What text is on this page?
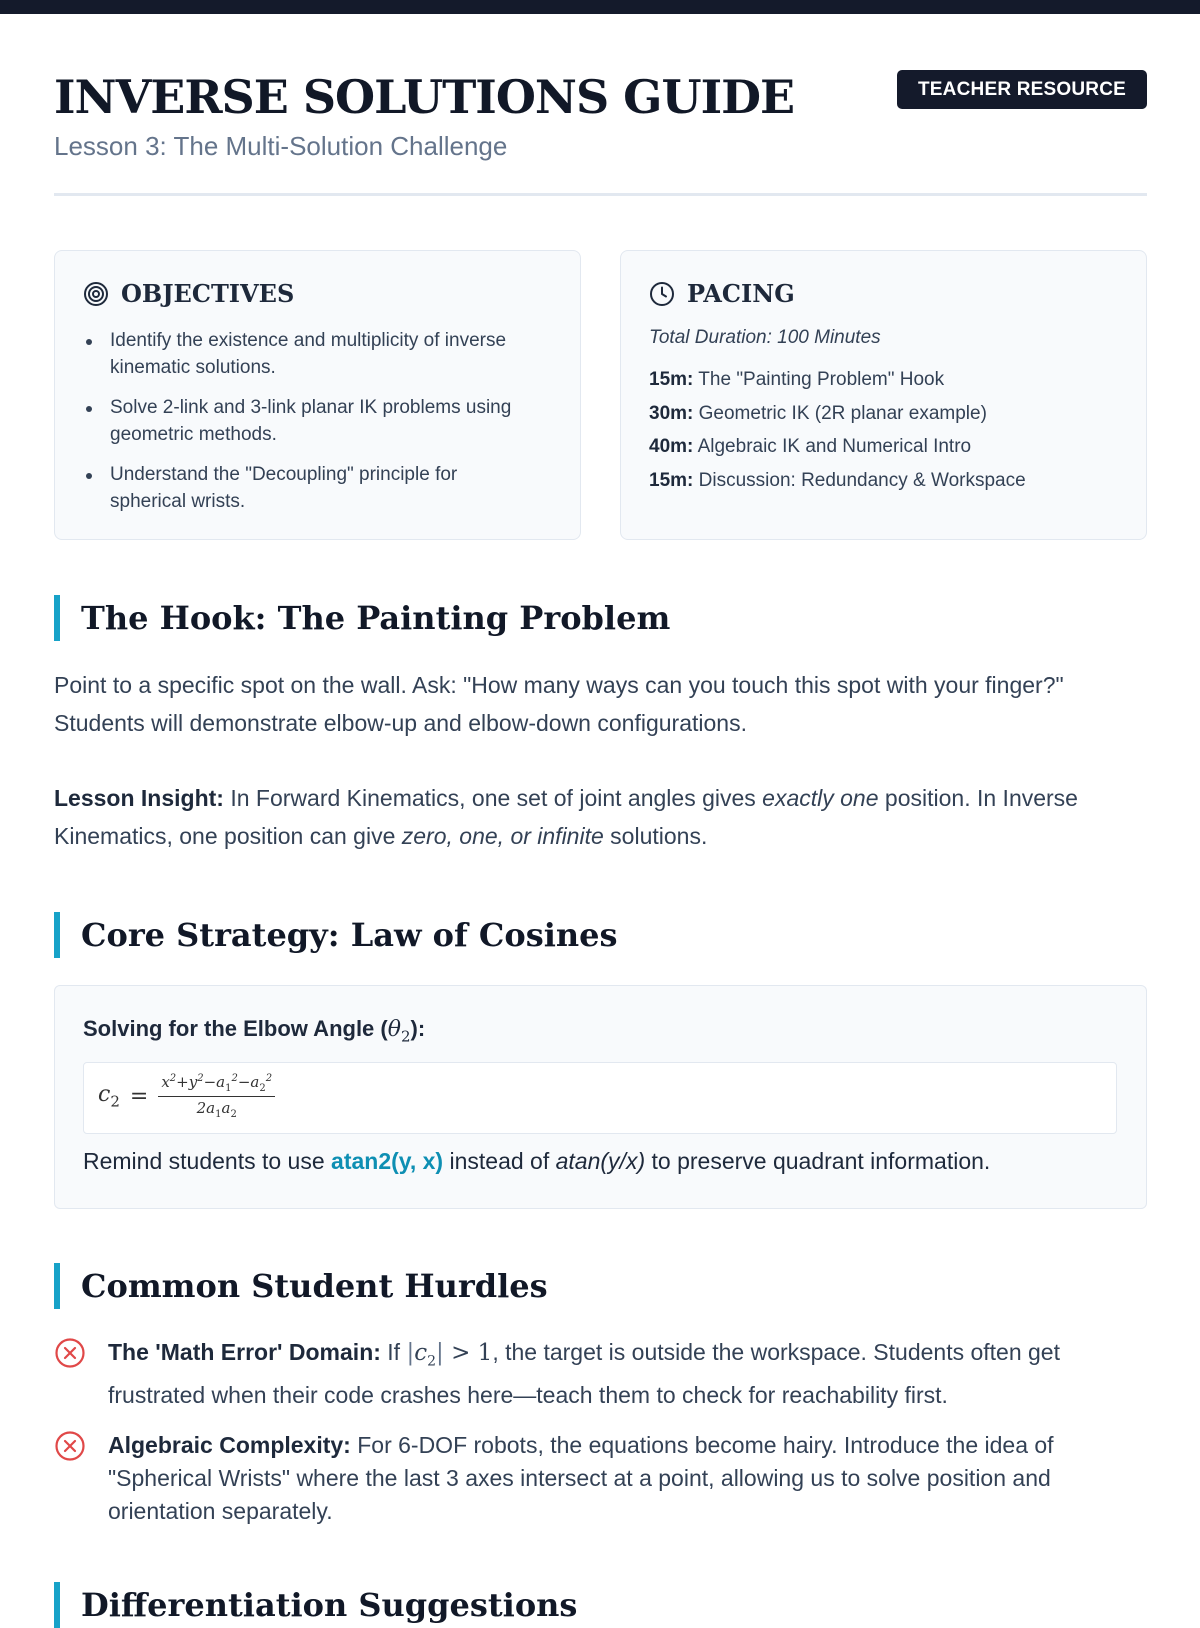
INVERSE SOLUTIONS GUIDE
Lesson 3: The Multi-Solution Challenge
TEACHER RESOURCE
OBJECTIVES
Identify the existence and multiplicity of inverse kinematic solutions.
Solve 2-link and 3-link planar IK problems using geometric methods.
Understand the "Decoupling" principle for spherical wrists.
PACING
Total Duration: 100 Minutes
15m: The "Painting Problem" Hook
30m: Geometric IK (2R planar example)
40m: Algebraic IK and Numerical Intro
15m: Discussion: Redundancy & Workspace
The Hook: The Painting Problem

Point to a specific spot on the wall. Ask: "How many ways can you touch this spot with your finger?" Students will demonstrate elbow-up and elbow-down configurations.

Lesson Insight: In Forward Kinematics, one set of joint angles gives exactly one position. In Inverse Kinematics, one position can give zero, one, or infinite solutions.

Core Strategy: Law of Cosines
Solving for the Elbow Angle $(\theta_2)$:
$c_2 = \frac{x^2+y^2-a_1^2-a_2^2}{2a_1a_2}$
Remind students to use atan2(y, x) instead of atan(y/x) to preserve quadrant information.
Common Student Hurdles
The 'Math Error' Domain: If $|c_2| > 1$, the target is outside the workspace. Students often get frustrated when their code crashes here—teach them to check for reachability first.
Algebraic Complexity: For 6-DOF robots, the equations become hairy. Introduce the idea of "Spherical Wrists" where the last 3 axes intersect at a point, allowing us to solve position and orientation separately.
Differentiation Suggestions
